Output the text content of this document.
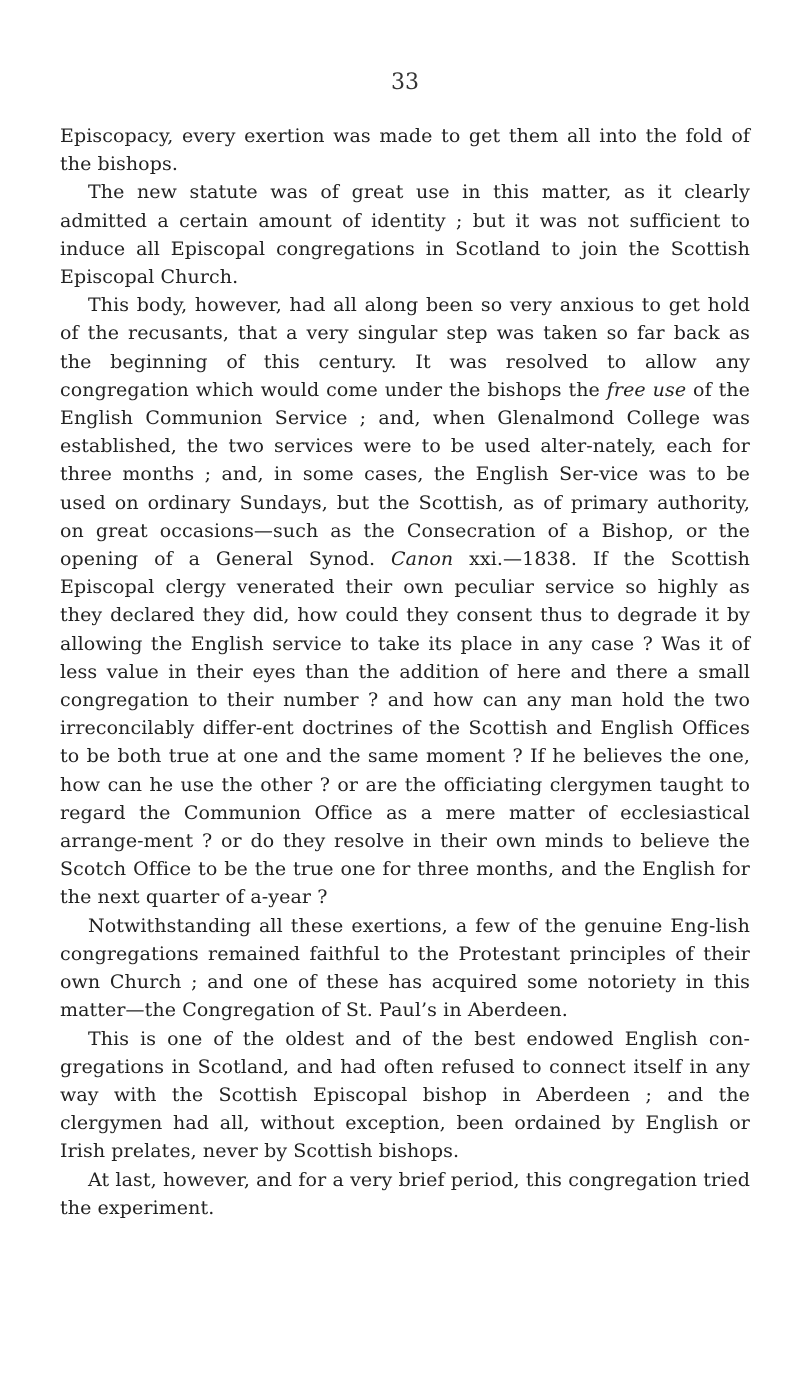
33

Episcopacy, every exertion was made to get them all into the fold of the bishops.

The new statute was of great use in this matter, as it clearly admitted a certain amount of identity ; but it was not sufficient to induce all Episcopal congregations in Scotland to join the Scottish Episcopal Church.

This body, however, had all along been so very anxious to get hold of the recusants, that a very singular step was taken so far back as the beginning of this century. It was resolved to allow any congregation which would come under the bishops the free use of the English Communion Service ; and, when Glenalmond College was established, the two services were to be used alter-nately, each for three months ; and, in some cases, the English Ser-vice was to be used on ordinary Sundays, but the Scottish, as of primary authority, on great occasions—such as the Consecration of a Bishop, or the opening of a General Synod. Canon xxi.—1838. If the Scottish Episcopal clergy venerated their own peculiar service so highly as they declared they did, how could they consent thus to degrade it by allowing the English service to take its place in any case ? Was it of less value in their eyes than the addition of here and there a small congregation to their number ? and how can any man hold the two irreconcilably differ-ent doctrines of the Scottish and English Offices to be both true at one and the same moment ? If he believes the one, how can he use the other ? or are the officiating clergymen taught to regard the Communion Office as a mere matter of ecclesiastical arrange-ment ? or do they resolve in their own minds to believe the Scotch Office to be the true one for three months, and the English for the next quarter of a-year ?

Notwithstanding all these exertions, a few of the genuine Eng-lish congregations remained faithful to the Protestant principles of their own Church ; and one of these has acquired some notoriety in this matter—the Congregation of St. Paul’s in Aberdeen.

This is one of the oldest and of the best endowed English con-gregations in Scotland, and had often refused to connect itself in any way with the Scottish Episcopal bishop in Aberdeen ; and the clergymen had all, without exception, been ordained by English or Irish prelates, never by Scottish bishops.

At last, however, and for a very brief period, this congregation tried the experiment.
